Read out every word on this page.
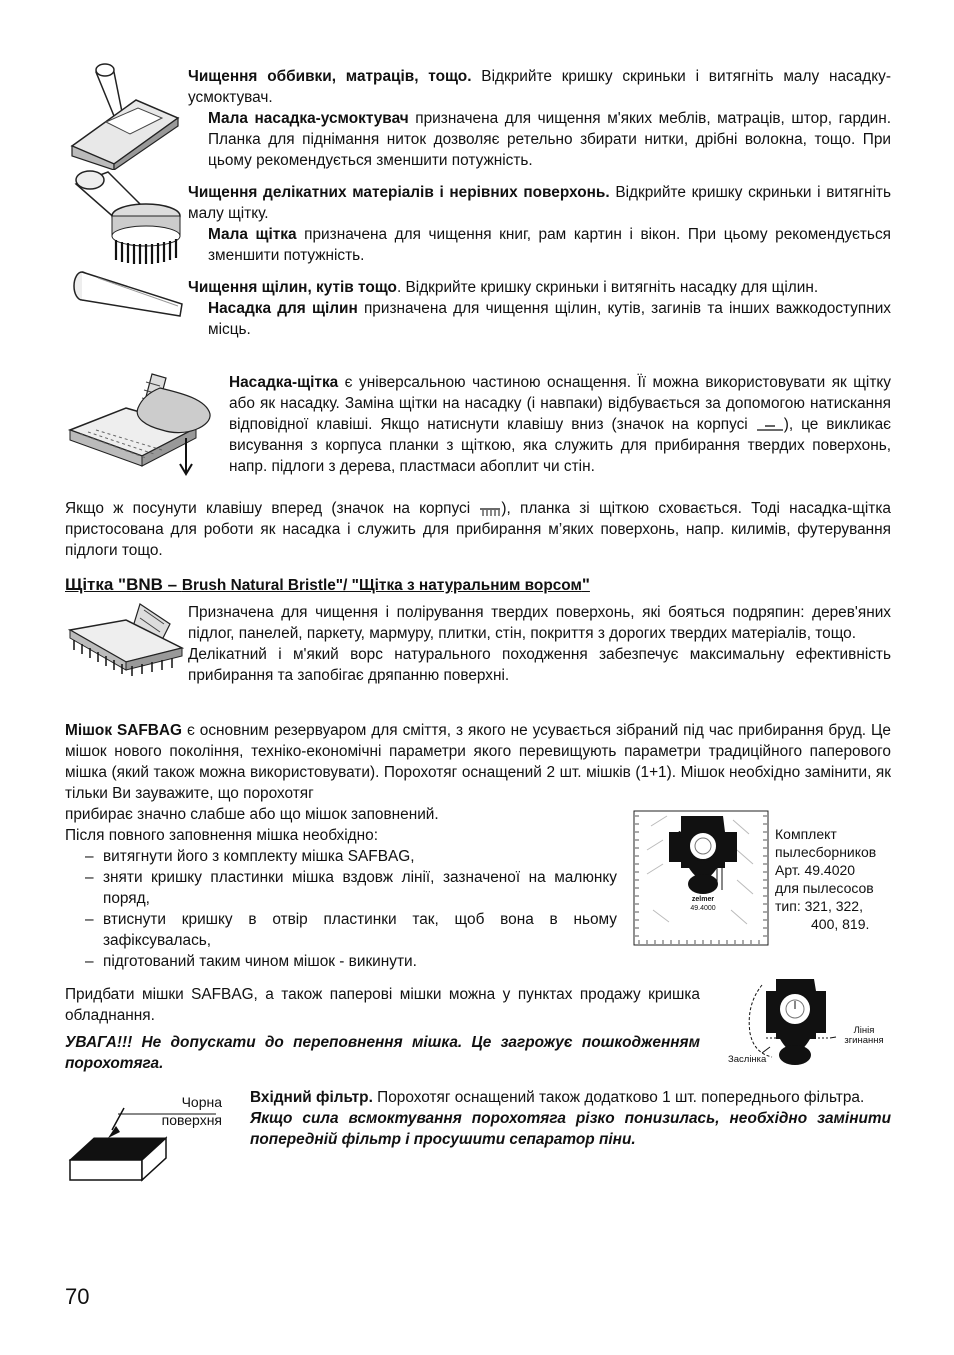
Чищення оббивки, матраців, тощо. Відкрийте кришку скриньки і витягніть малу насадку-усмоктувач.
Мала насадка-усмоктувач призначена для чищення м'яких меблів, матраців, штор, гардин. Планка для піднімання ниток дозволяє ретельно збирати нитки, дрібні волокна, тощо. При цьому рекомендується зменшити потужність.
Чищення делікатних матеріалів і нерівних поверхонь. Відкрийте кришку скриньки і витягніть малу щітку.
Мала щітка призначена для чищення книг, рам картин і вікон. При цьому рекомендується зменшити потужність.
Чищення щілин, кутів тощо. Відкрийте кришку скриньки і витягніть насадку для щілин.
Насадка для щілин призначена для чищення щілин, кутів, загинів та інших важкодоступних місць.
Насадка-щітка є універсальною частиною оснащення. Її можна використовувати як щітку або як насадку. Заміна щітки на насадку (і навпаки) відбувається за допомогою натискання відповідної клавіші. Якщо натиснути клавішу вниз (значок на корпусі ), це викликає висування з корпуса планки з щіткою, яка служить для прибирання твердих поверхонь, напр. підлоги з дерева, пластмаси абоплит чи стін.
Якщо ж посунути клавішу вперед (значок на корпусі ), планка зі щіткою сховається. Тоді насадка-щітка пристосована для роботи як насадка і служить для прибирання м’яких поверхонь, напр. килимів, футерування підлоги тощо.
Щітка "BNB – Brush Natural Bristle"/ "Щітка з натуральним ворсом"
Призначена для чищення і полірування твердих поверхонь, які бояться подряпин: дерев'яних підлог, панелей, паркету, мармуру, плитки, стін, покриття з дорогих твердих матеріалів, тощо.
Делікатний і м'який ворс натурального походження забезпечує максимальну ефективність прибирання та запобігає дряпанню поверхні.
Мішок SAFBAG є основним резервуаром для сміття, з якого не усувається зібраний під час прибирання бруд. Це мішок нового покоління, техніко-економічні параметри якого перевищують параметри традиційного паперового мішка (який також можна використовувати). Порохотяг оснащений 2 шт. мішків (1+1). Мішок необхідно замінити, як тільки Ви зауважите, що порохотяг
прибирає значно слабше або що мішок заповнений.
Після повного заповнення мішка необхідно:
– витягнути його з комплекту мішка SAFBAG,
– зняти кришку пластинки мішка вздовж лінії, зазначеної на малюнку поряд,
– втиснути кришку в отвір пластинки так, щоб вона в ньому зафіксувалась,
– підготований таким чином мішок - викинути.
1
zelmer
49.4000
Комплект
пылесборников
Арт. 49.4020
для пылесосов
тип: 321, 322,
400, 819.
Придбати мішки SAFBAG, а також паперові мішки можна у пунктах продажу кришка обладнання.
УВАГА!!! Не допускати до переповнення мішка. Це загрожує пошкодженням порохотяга.
Лінія
згинання
Заслінка
Чорна
поверхня
Вхідний фільтр. Порохотяг оснащений також додатково 1 шт. попереднього фільтра.
Якщо сила всмоктування порохотяга різко понизилась, необхідно замінити попередній фільтр і просушити сепаратор піни.
70
